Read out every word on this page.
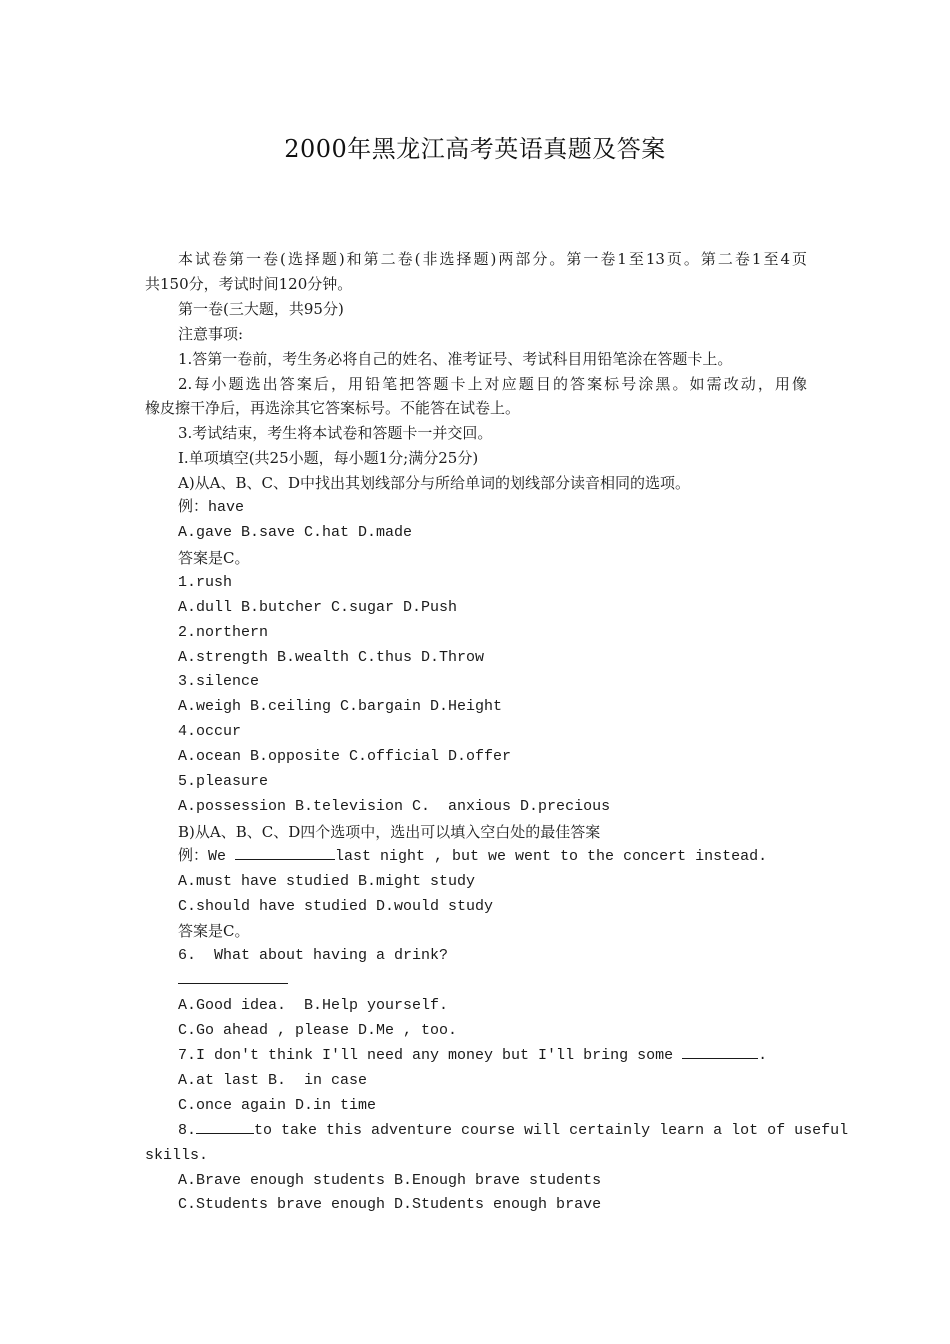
2000年黑龙江高考英语真题及答案
本试卷第一卷(选择题)和第二卷(非选择题)两部分。第一卷1至13页。第二卷1至4页
共150分，考试时间120分钟。
第一卷(三大题，共95分)
注意事项:
1.答第一卷前，考生务必将自己的姓名、准考证号、考试科目用铅笔涂在答题卡上。
2.每小题选出答案后，用铅笔把答题卡上对应题目的答案标号涂黑。如需改动，用像
橡皮擦干净后，再选涂其它答案标号。不能答在试卷上。
3.考试结束，考生将本试卷和答题卡一并交回。
I.单项填空(共25小题，每小题1分;满分25分)
A)从A、B、C、D中找出其划线部分与所给单词的划线部分读音相同的选项。
例：have
A.gave B.save C.hat D.made
答案是C。
1.rush
A.dull B.butcher C.sugar D.Push
2.northern
A.strength B.wealth C.thus D.Throw
3.silence
A.weigh B.ceiling C.bargain D.Height
4.occur
A.ocean B.opposite C.official D.offer
5.pleasure
A.possession B.television C.  anxious D.precious
B)从A、B、C、D四个选项中，选出可以填入空白处的最佳答案
例：We	last night , but we went to the concert instead.
A.must have studied B.might study
C.should have studied D.would study
答案是C。
6.  What about having a drink?
A.Good idea.  B.Help yourself.
C.Go ahead , please D.Me , too.
7.I don't think I'll need any money but I'll bring some	.
A.at last B.  in case
C.once again D.in time
8.	to take this adventure course will certainly learn a lot of useful
skills.
A.Brave enough students B.Enough brave students
C.Students brave enough D.Students enough brave
